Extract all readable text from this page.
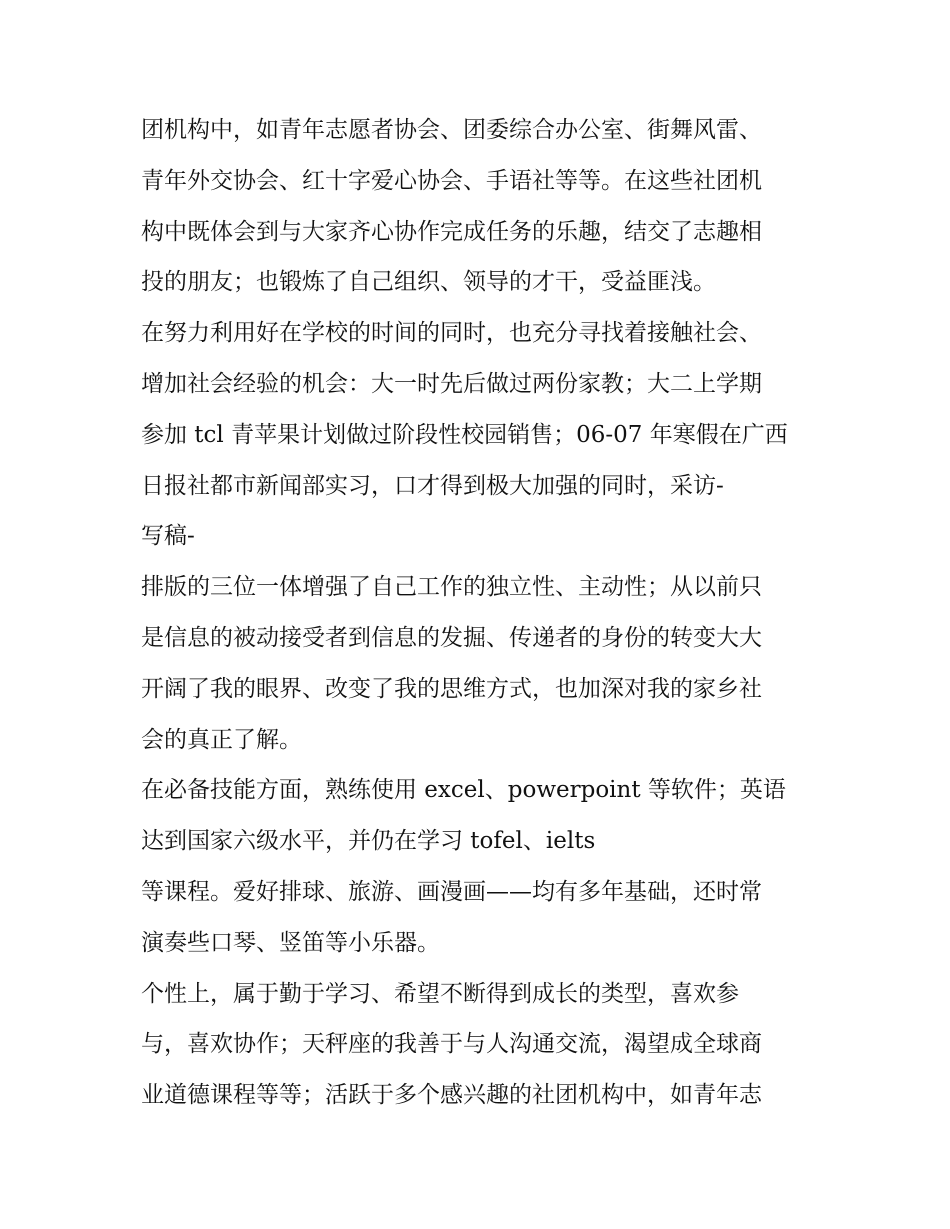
团机构中，如青年志愿者协会、团委综合办公室、街舞风雷、
青年外交协会、红十字爱心协会、手语社等等。在这些社团机
构中既体会到与大家齐心协作完成任务的乐趣，结交了志趣相
投的朋友；也锻炼了自己组织、领导的才干，受益匪浅。
在努力利用好在学校的时间的同时，也充分寻找着接触社会、
增加社会经验的机会：大一时先后做过两份家教；大二上学期
参加 tcl 青苹果计划做过阶段性校园销售；06-07 年寒假在广西
日报社都市新闻部实习，口才得到极大加强的同时，采访-
写稿-
排版的三位一体增强了自己工作的独立性、主动性；从以前只
是信息的被动接受者到信息的发掘、传递者的身份的转变大大
开阔了我的眼界、改变了我的思维方式，也加深对我的家乡社
会的真正了解。
在必备技能方面，熟练使用 excel、powerpoint 等软件；英语
达到国家六级水平，并仍在学习 tofel、ielts
等课程。爱好排球、旅游、画漫画——均有多年基础，还时常
演奏些口琴、竖笛等小乐器。
个性上，属于勤于学习、希望不断得到成长的类型，喜欢参
与，喜欢协作；天秤座的我善于与人沟通交流，渴望成全球商
业道德课程等等；活跃于多个感兴趣的社团机构中，如青年志
